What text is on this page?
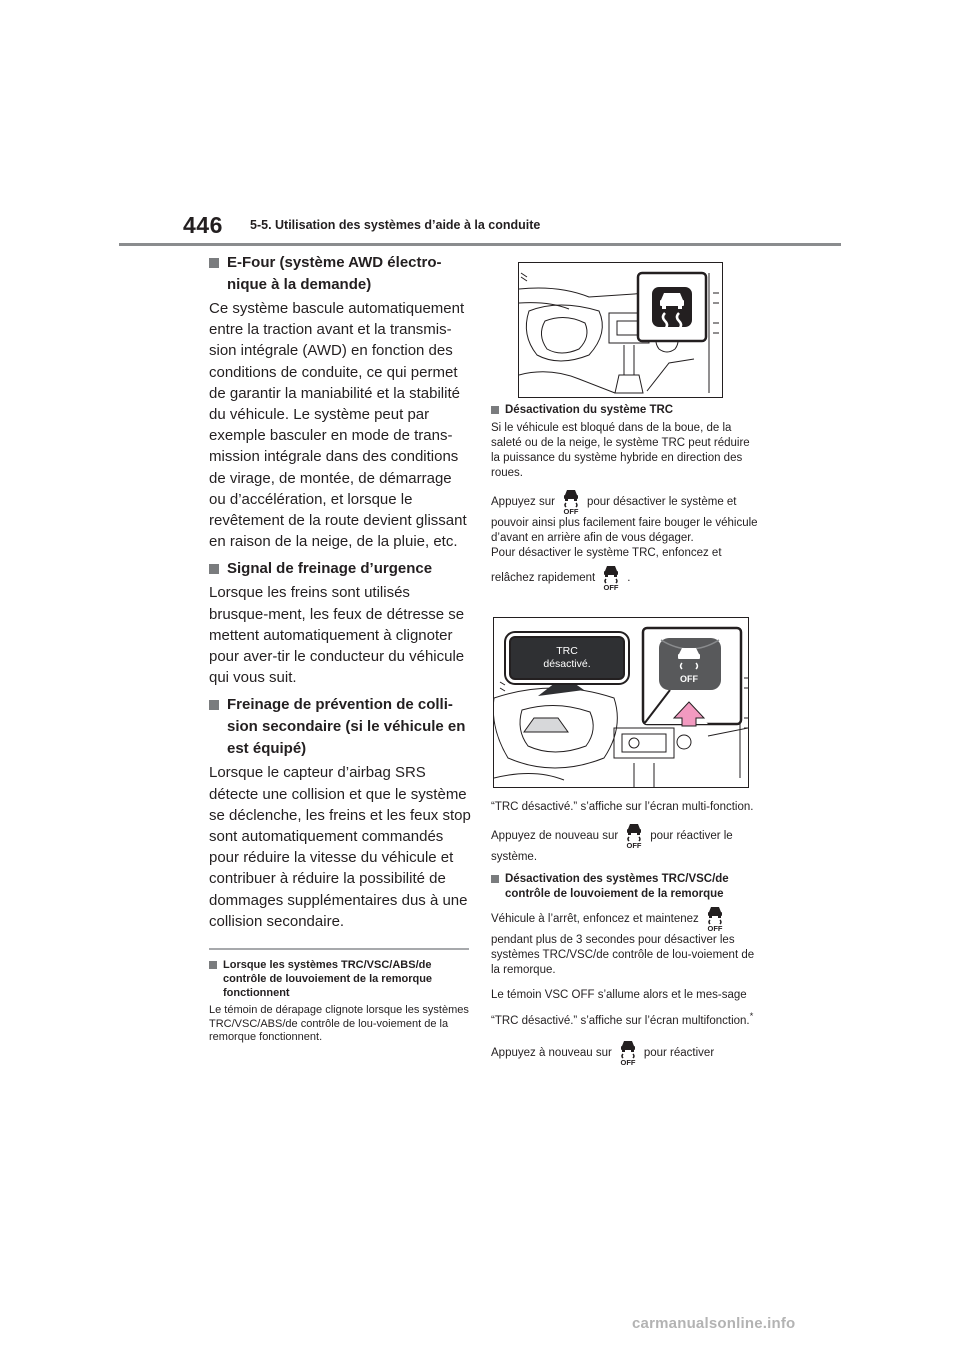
446 5-5. Utilisation des systèmes d’aide à la conduite
E-Four (système AWD électro-nique à la demande)

Ce système bascule automatiquement entre la traction avant et la transmis-sion intégrale (AWD) en fonction des conditions de conduite, ce qui permet de garantir la maniabilité et la stabilité du véhicule. Le système peut par exemple basculer en mode de trans-mission intégrale dans des conditions de virage, de montée, de démarrage ou d’accélération, et lorsque le revêtement de la route devient glissant en raison de la neige, de la pluie, etc.

Signal de freinage d’urgence

Lorsque les freins sont utilisés brusque-ment, les feux de détresse se mettent automatiquement à clignoter pour aver-tir le conducteur du véhicule qui vous suit.

Freinage de prévention de colli-sion secondaire (si le véhicule en est équipé)

Lorsque le capteur d’airbag SRS détecte une collision et que le système se déclenche, les freins et les feux stop sont automatiquement commandés pour réduire la vitesse du véhicule et contribuer à réduire la possibilité de dommages supplémentaires dus à une collision secondaire.

Lorsque les systèmes TRC/VSC/ABS/de contrôle de louvoiement de la remorque fonctionnent

Le témoin de dérapage clignote lorsque les systèmes TRC/VSC/ABS/de contrôle de lou-voiement de la remorque fonctionnent.

TRC
désactivé.
OFF
Désactivation du système TRC

Si le véhicule est bloqué dans de la boue, de la saleté ou de la neige, le système TRC peut réduire la puissance du système hybride en direction des roues.

Appuyez sur
OFF
pour désactiver le système et pouvoir ainsi plus facilement faire bouger le véhicule d’avant en arrière afin de vous dégager.
Pour désactiver le système TRC, enfoncez et

relâchez rapidement
OFF
.

“TRC désactivé.” s’affiche sur l’écran multi-fonction.

Appuyez de nouveau sur
OFF
pour réactiver le système.

Désactivation des systèmes TRC/VSC/de contrôle de louvoiement de la remorque

Véhicule à l’arrêt, enfoncez et maintenez
OFF
pendant plus de 3 secondes pour désactiver les systèmes TRC/VSC/de contrôle de lou-voiement de la remorque.

Le témoin VSC OFF s’allume alors et le mes-sage “TRC désactivé.” s’affiche sur l’écran multifonction.*

Appuyez à nouveau sur
OFF
pour réactiver

carmanualsonline.info
